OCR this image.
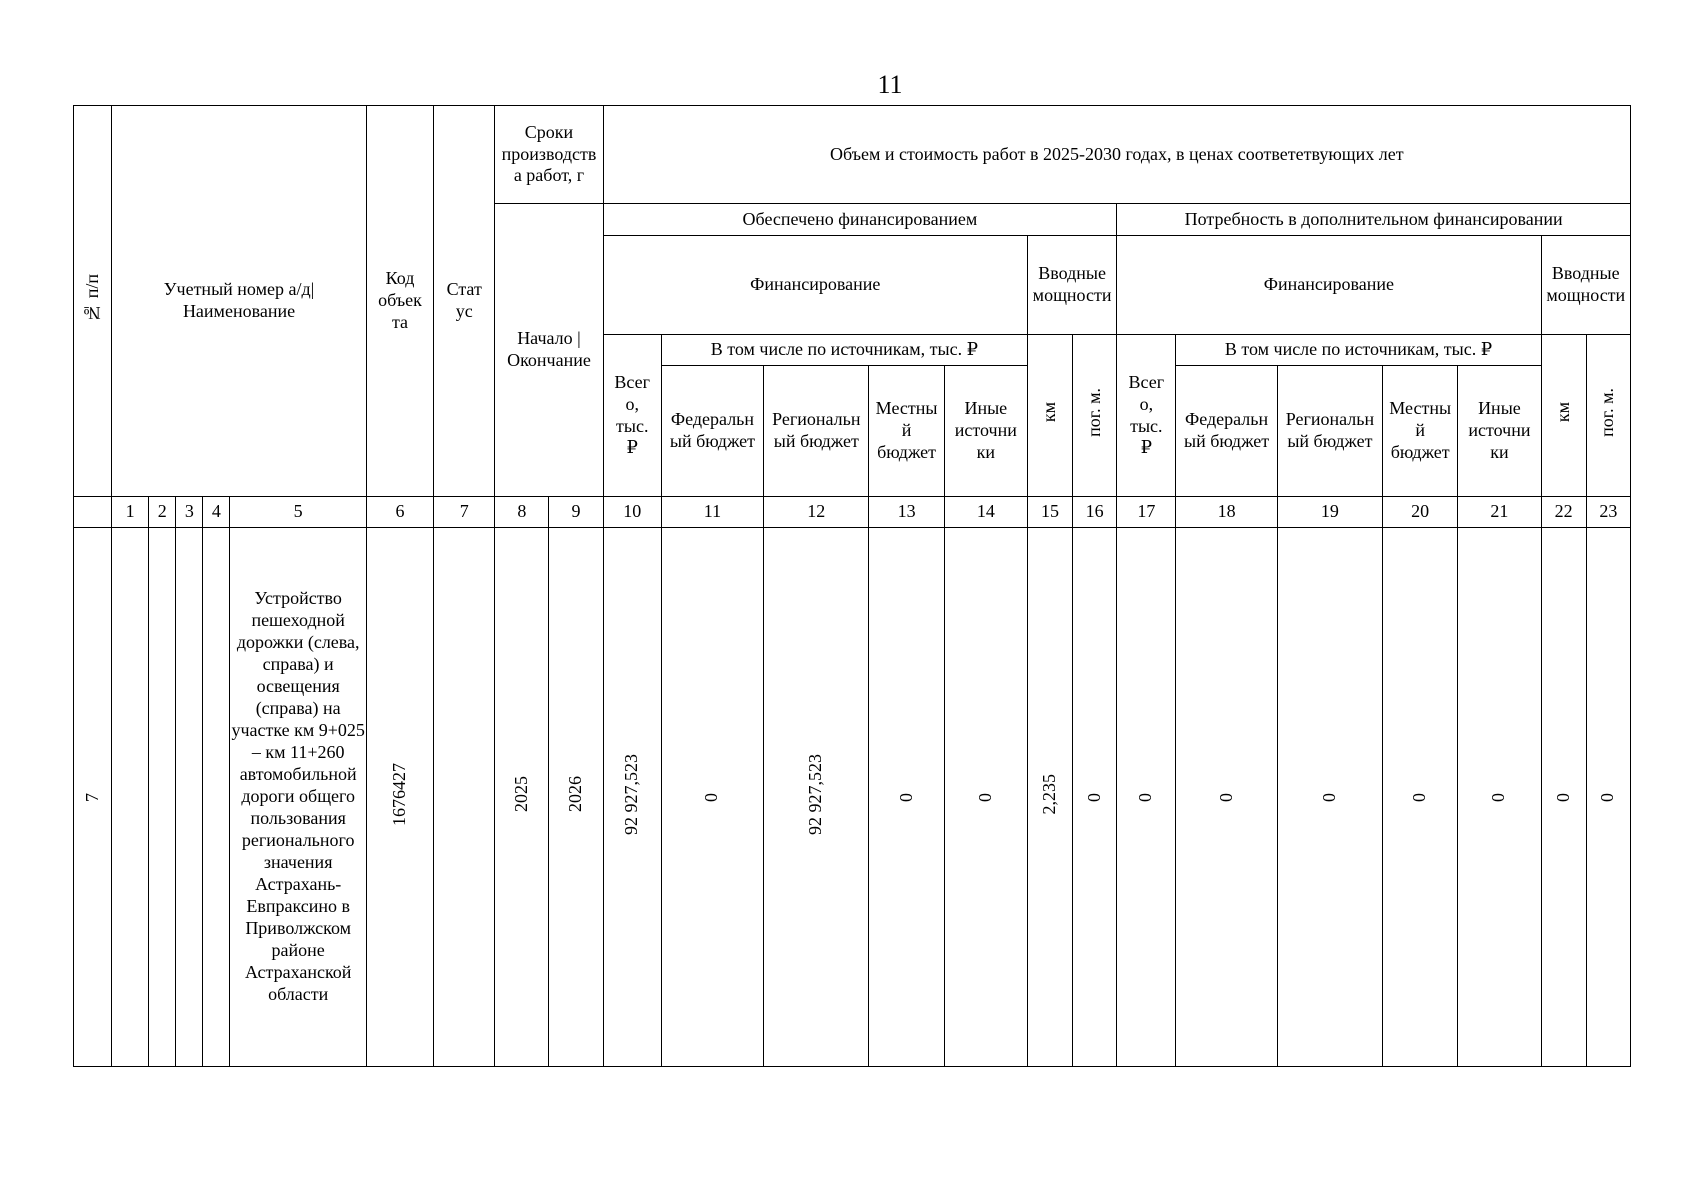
11
№ п/п	Учетный номер а/д| Наименование					Код объекта	Статус	Сроки производства работ, г		Объем и стоимость работ в 2025-2030 годах, в ценах соответетвующих лет													
								Начало | Окончание		Обеспечено финансированием							Потребность в дополнительном финансировании						
										Финансирование					Вводные мощности		Финансирование					Вводные мощности	
										Всего, тыс. ₽	В том числе по источникам, тыс. ₽				км	пог. м.	Всего, тыс. ₽	В том числе по источникам, тыс. ₽				км	пог. м.
											Федеральный бюджет	Региональный бюджет	Местный бюджет	Иные источники				Федеральный бюджет	Региональный бюджет	Местный бюджет	Иные источники		
	1	2	3	4	5	6	7	8	9	10	11	12	13	14	15	16	17	18	19	20	21	22	23
7					Устройство пешеходной дорожки (слева, справа) и освещения (справа) на участке км 9+025 – км 11+260 автомобильной дороги общего пользования регионального значения Астрахань-Евпраксино в Приволжском районе Астраханской области	1676427		2025	2026	92 927,523	0	92 927,523	0	0	2,235	0	0	0	0	0	0	0	0
